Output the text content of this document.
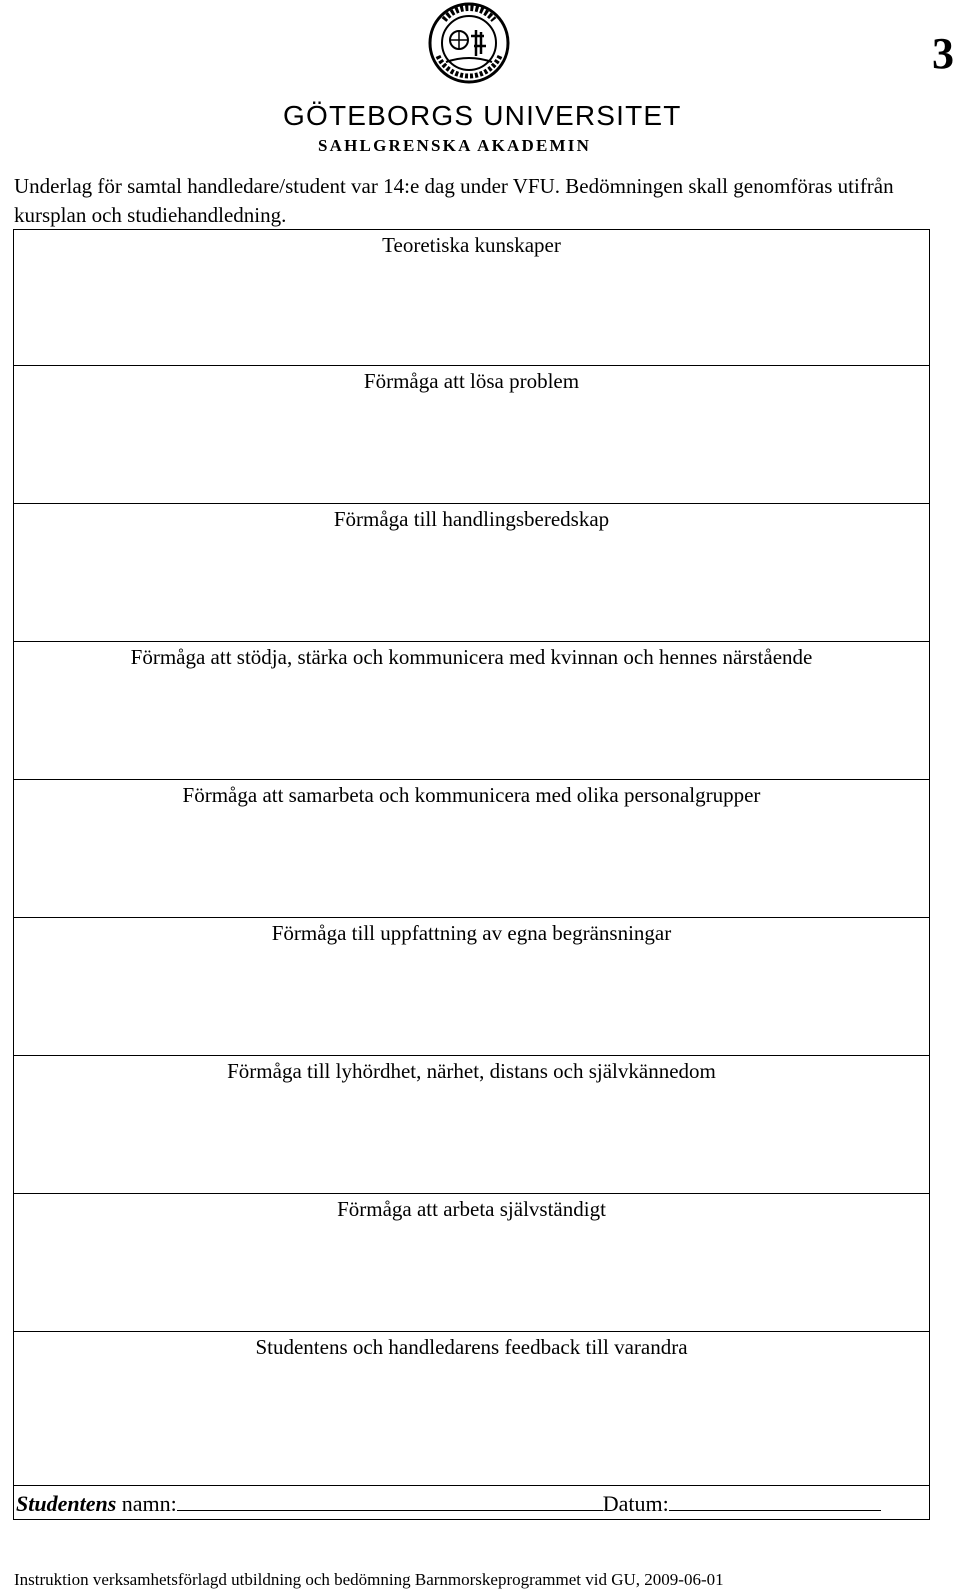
GÖTEBORGS UNIVERSITET
SAHLGRENSKA AKADEMIN
3
Underlag för samtal handledare/student var 14:e dag under VFU. Bedömningen skall genomföras utifrån kursplan och studiehandledning.
Teoretiska kunskaper
Förmåga att lösa problem
Förmåga till handlingsberedskap
Förmåga att stödja, stärka och kommunicera med kvinnan och hennes närstående
Förmåga att samarbeta och kommunicera med olika personalgrupper
Förmåga till uppfattning av egna begränsningar
Förmåga till lyhördhet, närhet, distans och självkännedom
Förmåga att arbeta självständigt
Studentens och handledarens feedback till varandra
Studentens namn:	Datum:
Instruktion verksamhetsförlagd utbildning och bedömning Barnmorskeprogrammet vid GU, 2009-06-01
